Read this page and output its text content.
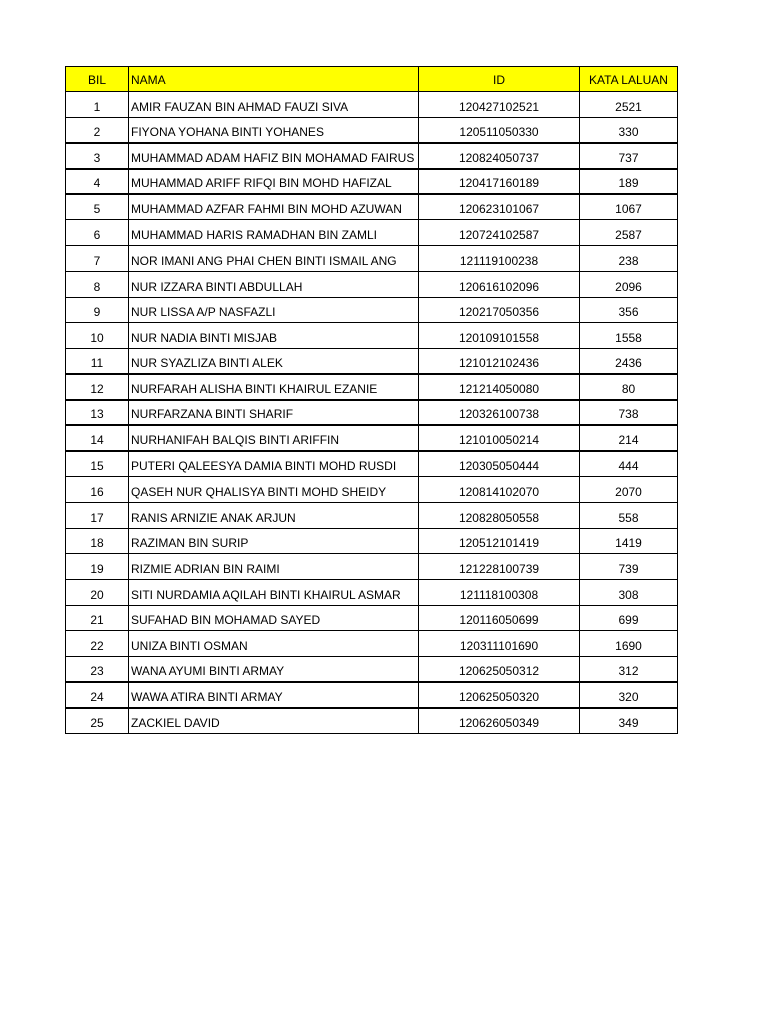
BIL	NAMA	ID	KATA LALUAN
1	AMIR FAUZAN BIN AHMAD FAUZI SIVA	120427102521	2521
2	FIYONA YOHANA BINTI YOHANES	120511050330	330
3	MUHAMMAD ADAM HAFIZ BIN MOHAMAD FAIRUS	120824050737	737
4	MUHAMMAD ARIFF RIFQI BIN MOHD HAFIZAL	120417160189	189
5	MUHAMMAD AZFAR FAHMI BIN MOHD AZUWAN	120623101067	1067
6	MUHAMMAD HARIS RAMADHAN BIN ZAMLI	120724102587	2587
7	NOR IMANI ANG PHAI CHEN BINTI ISMAIL ANG	121119100238	238
8	NUR IZZARA BINTI ABDULLAH	120616102096	2096
9	NUR LISSA A/P NASFAZLI	120217050356	356
10	NUR NADIA BINTI MISJAB	120109101558	1558
11	NUR SYAZLIZA BINTI ALEK	121012102436	2436
12	NURFARAH ALISHA BINTI KHAIRUL EZANIE	121214050080	80
13	NURFARZANA BINTI SHARIF	120326100738	738
14	NURHANIFAH BALQIS BINTI ARIFFIN	121010050214	214
15	PUTERI QALEESYA DAMIA BINTI MOHD RUSDI	120305050444	444
16	QASEH NUR QHALISYA BINTI MOHD SHEIDY	120814102070	2070
17	RANIS ARNIZIE ANAK ARJUN	120828050558	558
18	RAZIMAN BIN SURIP	120512101419	1419
19	RIZMIE ADRIAN BIN RAIMI	121228100739	739
20	SITI NURDAMIA AQILAH BINTI KHAIRUL ASMAR	121118100308	308
21	SUFAHAD BIN MOHAMAD SAYED	120116050699	699
22	UNIZA BINTI OSMAN	120311101690	1690
23	WANA AYUMI BINTI ARMAY	120625050312	312
24	WAWA ATIRA BINTI ARMAY	120625050320	320
25	ZACKIEL DAVID	120626050349	349
